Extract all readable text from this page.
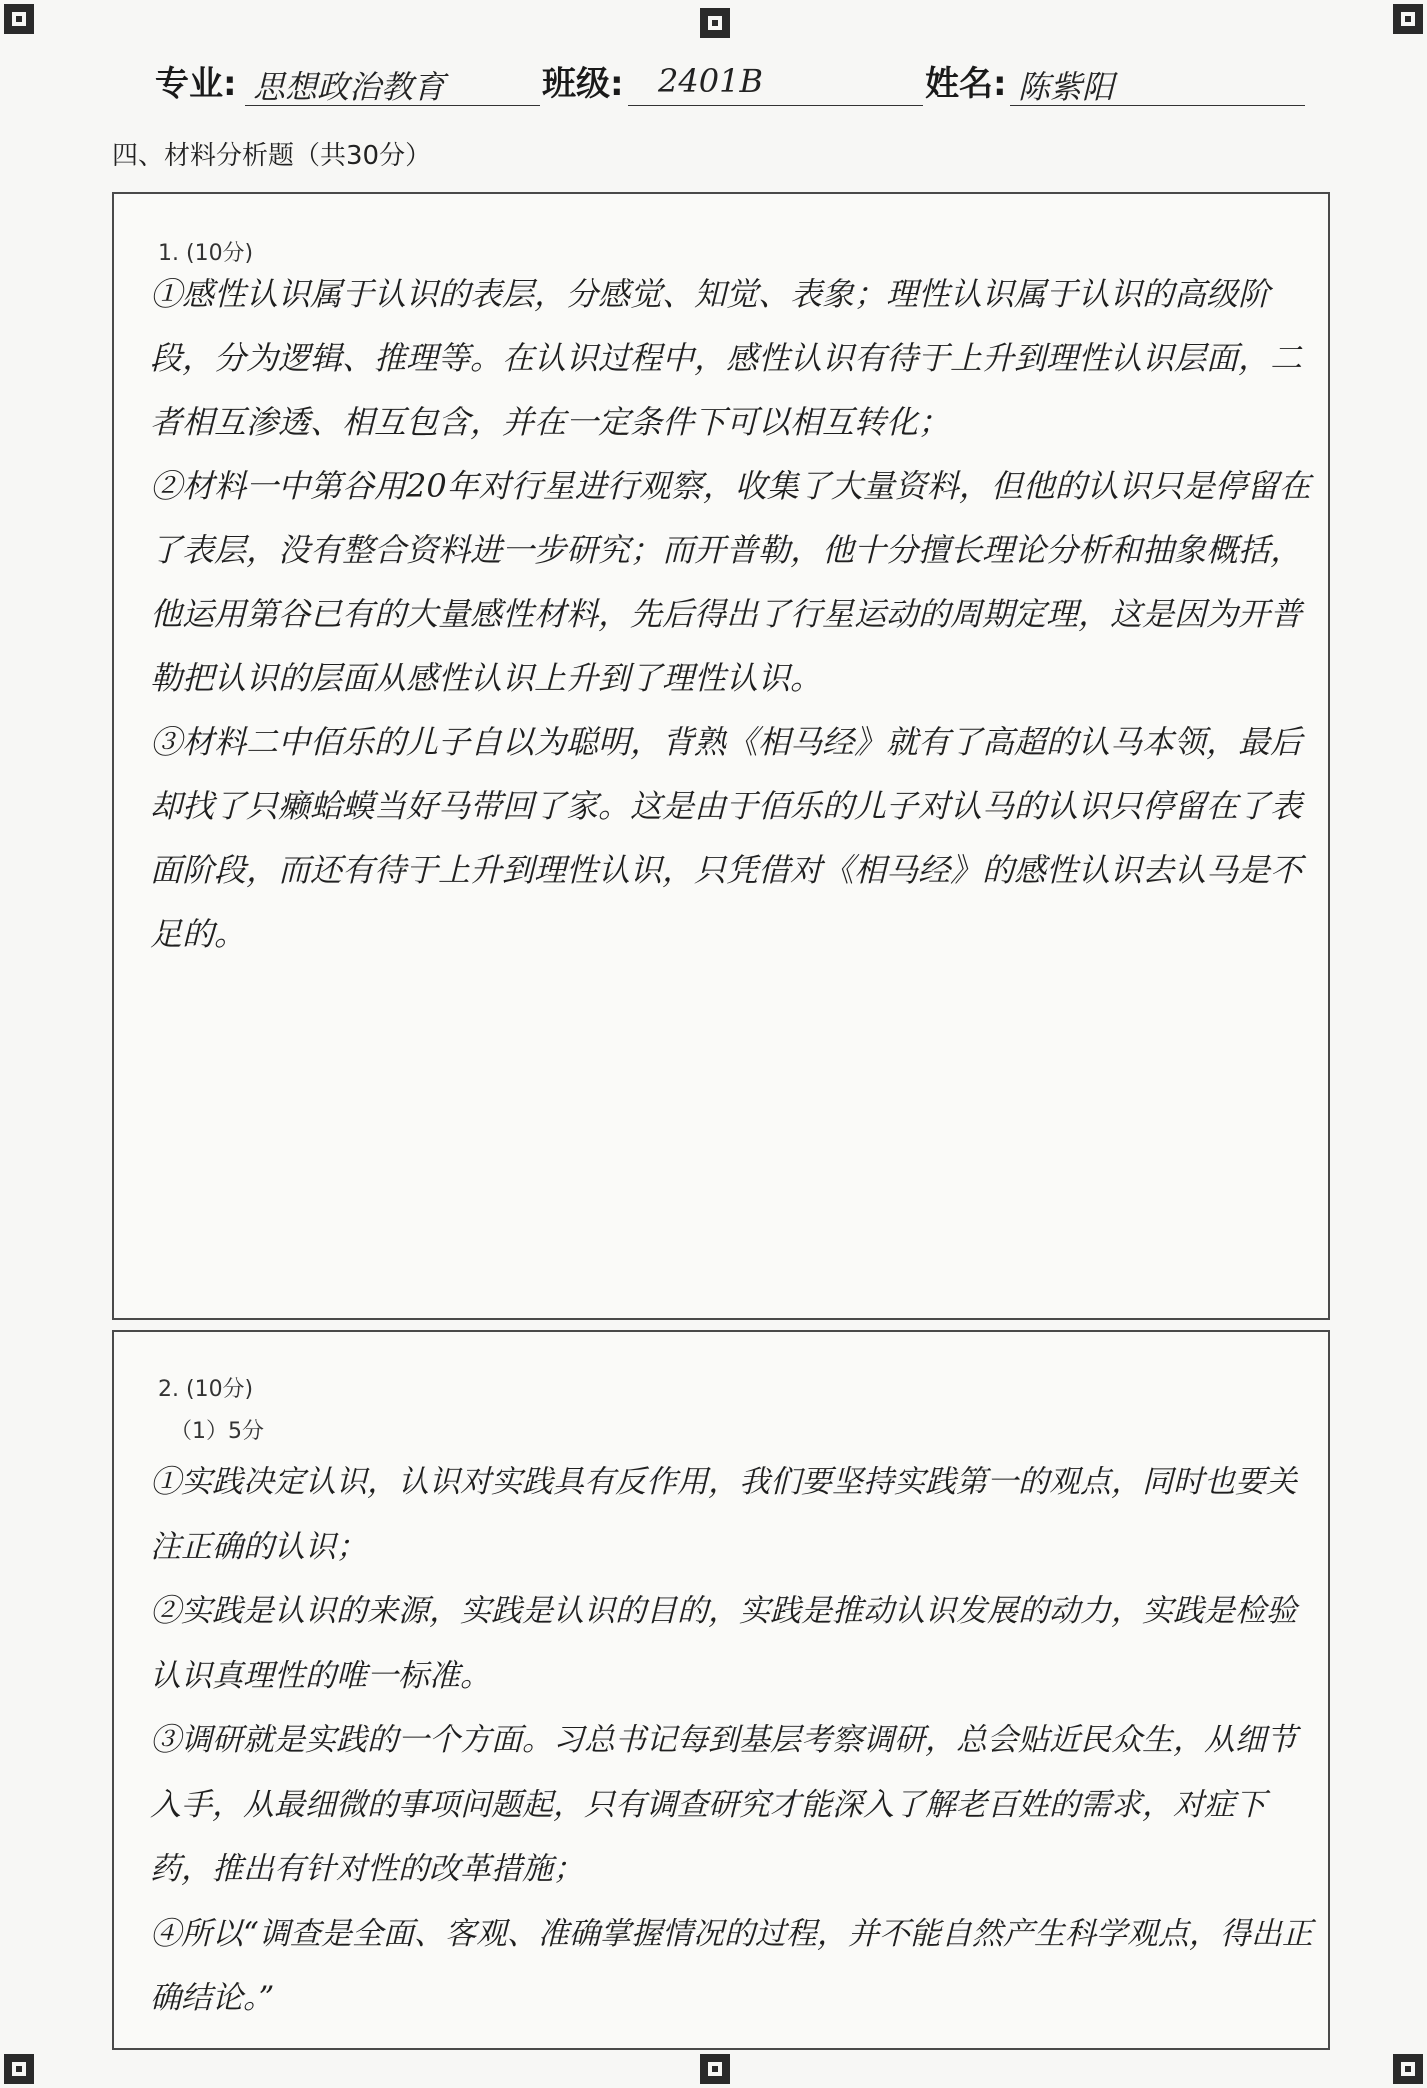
专业: 思想政治教育	班级:	2401B	姓名: 陈紫阳
四、材料分析题（共30分）
1. (10分)

①感性认识属于认识的表层，分感觉、知觉、表象；理性认识属于认识的高级阶段，分为逻辑、推理等。在认识过程中，感性认识有待于上升到理性认识层面，二者相互渗透、相互包含，并在一定条件下可以相互转化；

②材料一中第谷用20年对行星进行观察，收集了大量资料，但他的认识只是停留在了表层，没有整合资料进一步研究；而开普勒，他十分擅长理论分析和抽象概括，他运用第谷已有的大量感性材料，先后得出了行星运动的周期定理，这是因为开普勒把认识的层面从感性认识上升到了理性认识。

③材料二中佰乐的儿子自以为聪明，背熟《相马经》就有了高超的认马本领，最后却找了只癞蛤蟆当好马带回了家。这是由于佰乐的儿子对认马的认识只停留在了表面阶段，而还有待于上升到理性认识，只凭借对《相马经》的感性认识去认马是不足的。

2. (10分)
（1）5分

①实践决定认识，认识对实践具有反作用，我们要坚持实践第一的观点，同时也要关注正确的认识；

②实践是认识的来源，实践是认识的目的，实践是推动认识发展的动力，实践是检验认识真理性的唯一标准。

③调研就是实践的一个方面。习总书记每到基层考察调研，总会贴近民众生，从细节入手，从最细微的事项问题起，只有调查研究才能深入了解老百姓的需求，对症下药，推出有针对性的改革措施；

④所以“调查是全面、客观、准确掌握情况的过程，并不能自然产生科学观点，得出正确结论。”
